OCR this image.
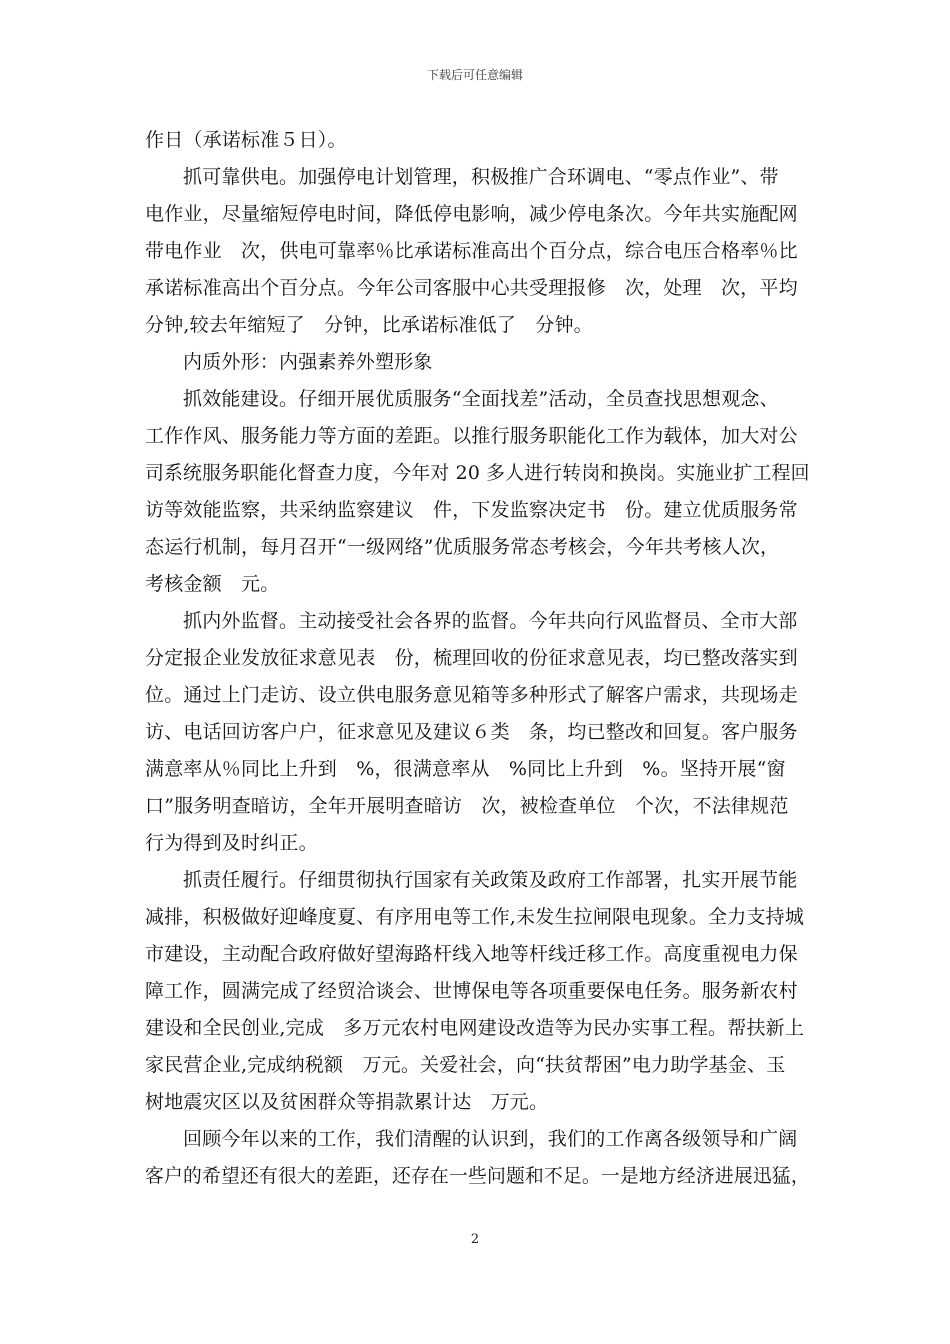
下载后可任意编辑
作日（承诺标准５日）。
抓可靠供电。加强停电计划管理，积极推广合环调电、“零点作业”、带
电作业，尽量缩短停电时间，降低停电影响，减少停电条次。今年共实施配网
带电作业　次，供电可靠率％比承诺标准高出个百分点，综合电压合格率％比
承诺标准高出个百分点。今年公司客服中心共受理报修　次，处理　次，平均
分钟,较去年缩短了　分钟，比承诺标准低了　分钟。
内质外形：内强素养外塑形象
抓效能建设。仔细开展优质服务“全面找差”活动，全员查找思想观念、
工作作风、服务能力等方面的差距。以推行服务职能化工作为载体，加大对公
司系统服务职能化督查力度，今年对 20 多人进行转岗和换岗。实施业扩工程回
访等效能监察，共采纳监察建议　件，下发监察决定书　份。建立优质服务常
态运行机制，每月召开“一级网络”优质服务常态考核会，今年共考核人次，
考核金额　元。
抓内外监督。主动接受社会各界的监督。今年共向行风监督员、全市大部
分定报企业发放征求意见表　份，梳理回收的份征求意见表，均已整改落实到
位。通过上门走访、设立供电服务意见箱等多种形式了解客户需求，共现场走
访、电话回访客户户，征求意见及建议６类　条，均已整改和回复。客户服务
满意率从％同比上升到　%，很满意率从　%同比上升到　%。坚持开展“窗
口”服务明查暗访，全年开展明查暗访　次，被检查单位　个次，不法律规范
行为得到及时纠正。
抓责任履行。仔细贯彻执行国家有关政策及政府工作部署，扎实开展节能
减排，积极做好迎峰度夏、有序用电等工作,未发生拉闸限电现象。全力支持城
市建设，主动配合政府做好望海路杆线入地等杆线迁移工作。高度重视电力保
障工作，圆满完成了经贸洽谈会、世博保电等各项重要保电任务。服务新农村
建设和全民创业,完成　多万元农村电网建设改造等为民办实事工程。帮扶新上
家民营企业,完成纳税额　万元。关爱社会，向“扶贫帮困”电力助学基金、玉
树地震灾区以及贫困群众等捐款累计达　万元。
回顾今年以来的工作，我们清醒的认识到，我们的工作离各级领导和广阔
客户的希望还有很大的差距，还存在一些问题和不足。一是地方经济进展迅猛，
2
